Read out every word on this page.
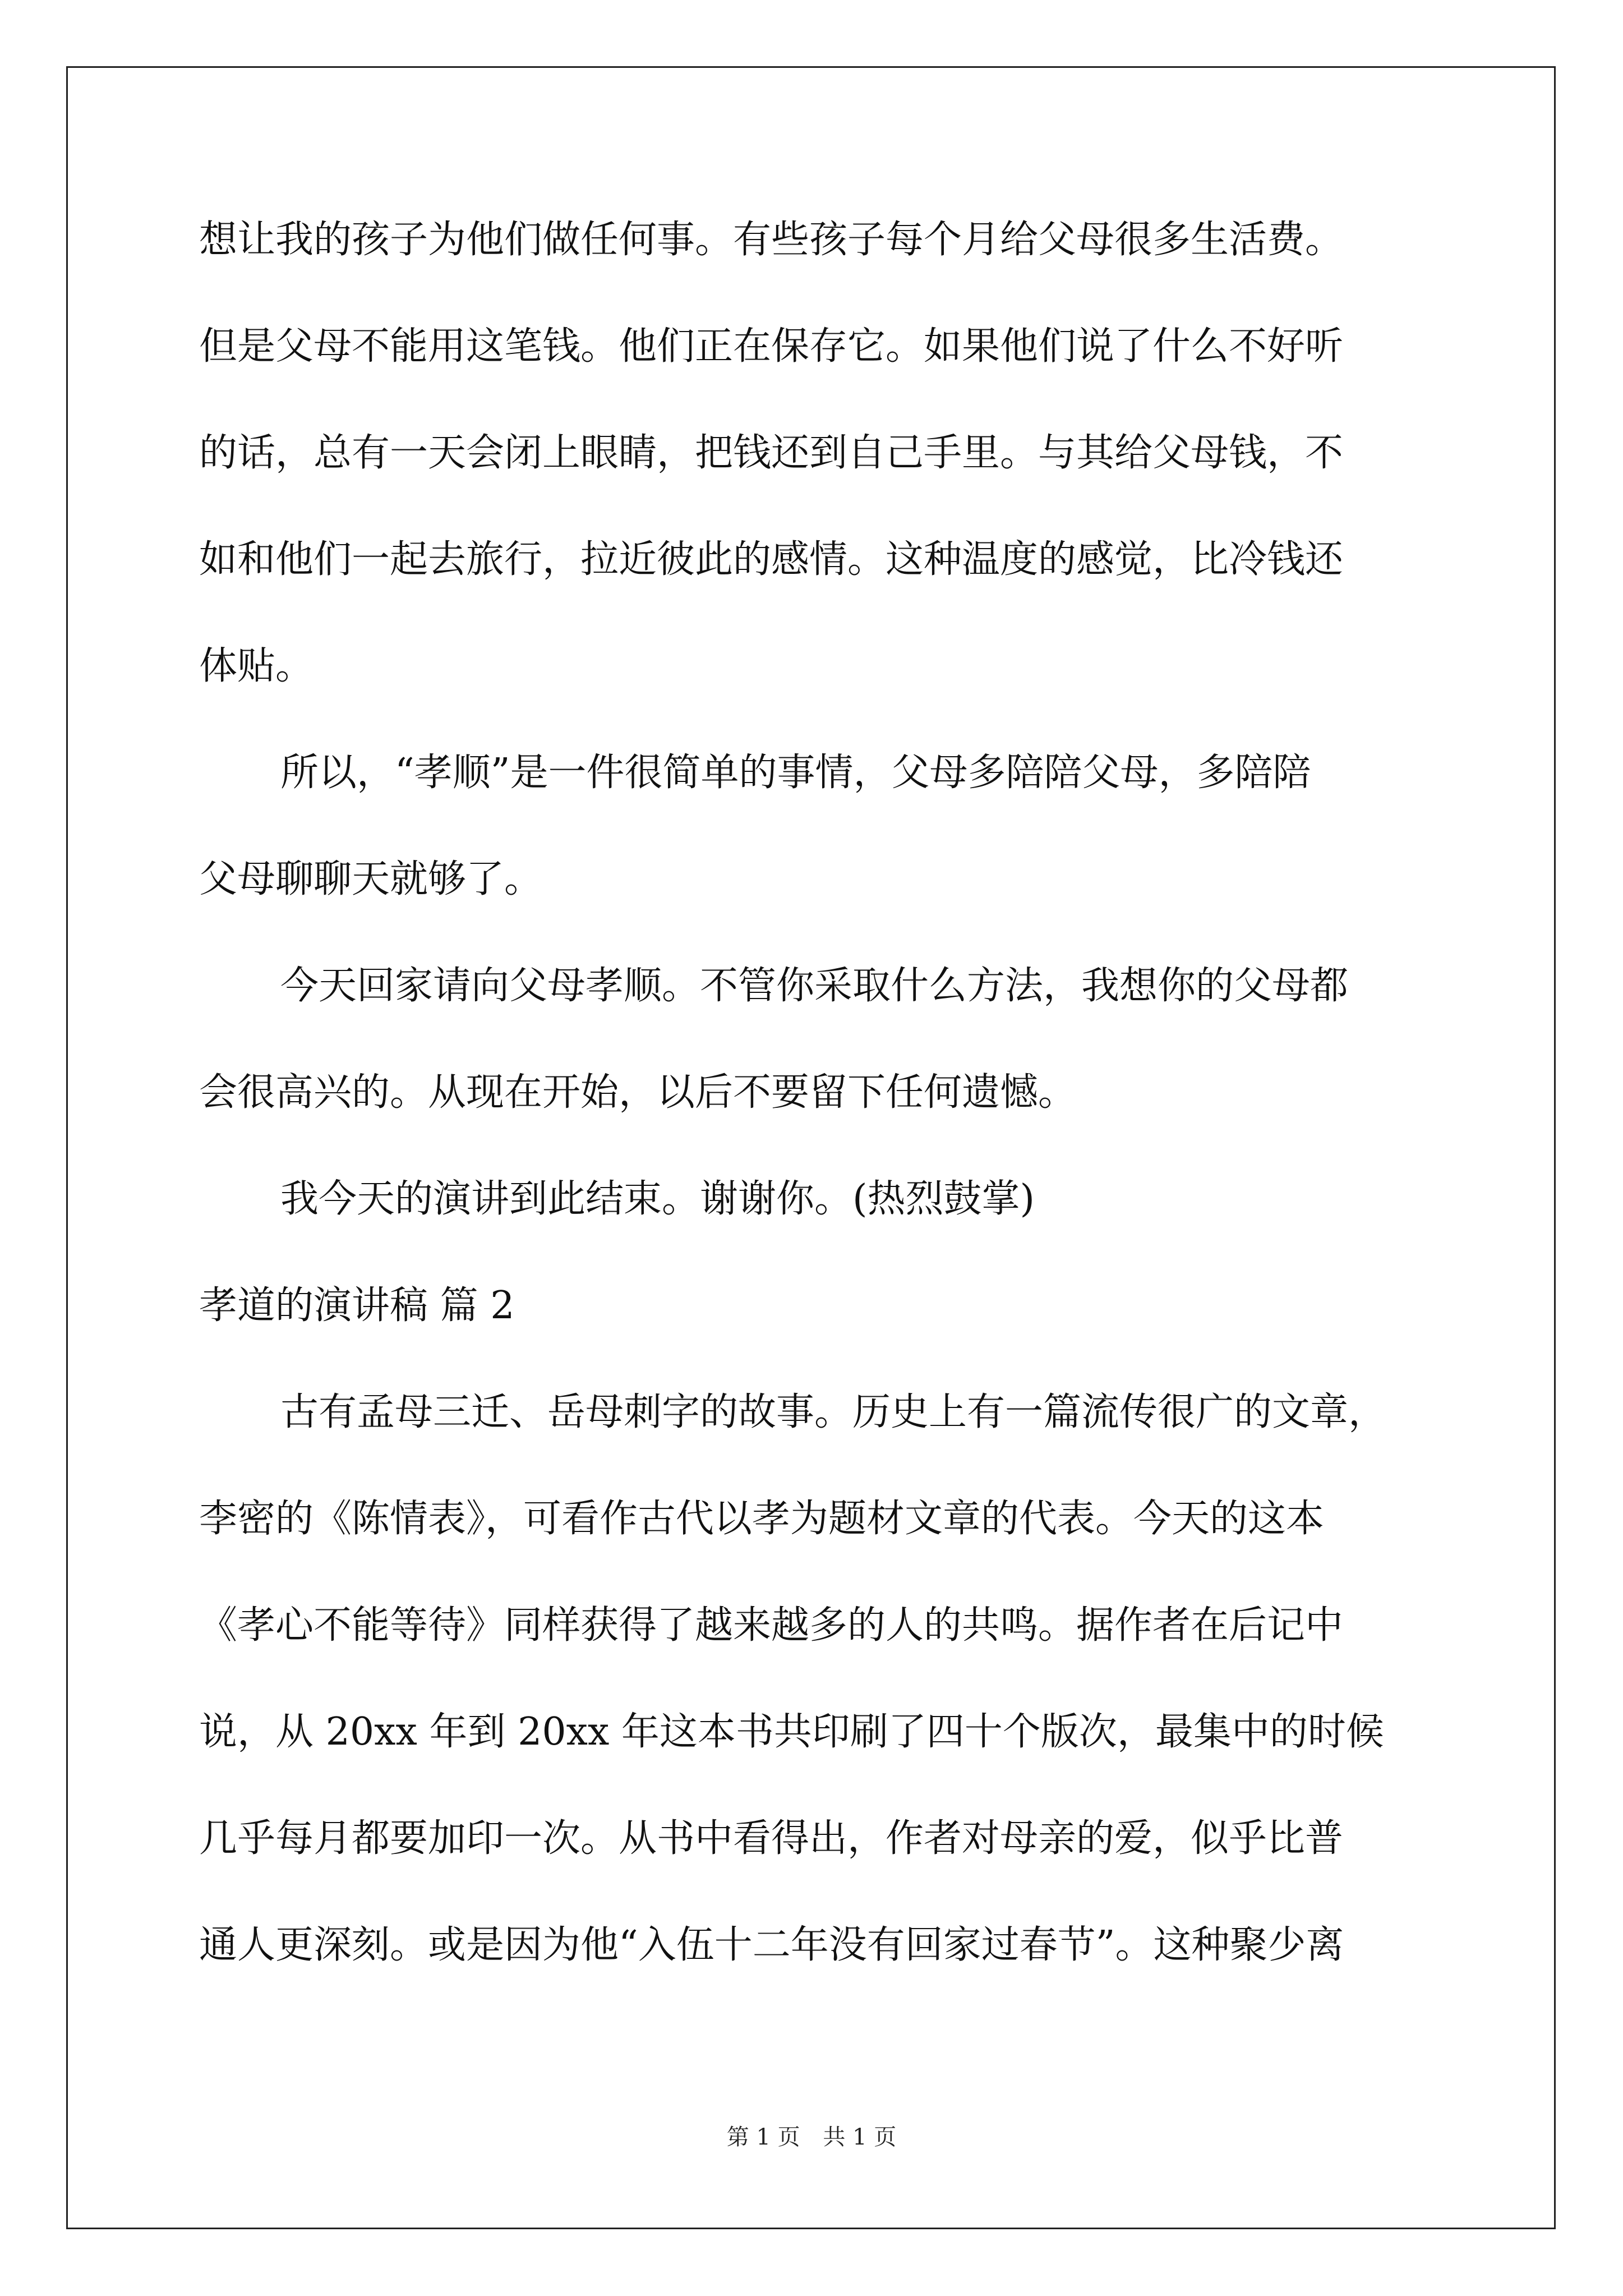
想让我的孩子为他们做任何事。有些孩子每个月给父母很多生活费。
但是父母不能用这笔钱。他们正在保存它。如果他们说了什么不好听
的话，总有一天会闭上眼睛，把钱还到自己手里。与其给父母钱，不
如和他们一起去旅行，拉近彼此的感情。这种温度的感觉，比冷钱还
体贴。

所以，“孝顺”是一件很简单的事情，父母多陪陪父母，多陪陪
父母聊聊天就够了。

今天回家请向父母孝顺。不管你采取什么方法，我想你的父母都
会很高兴的。从现在开始，以后不要留下任何遗憾。

我今天的演讲到此结束。谢谢你。(热烈鼓掌)

孝道的演讲稿 篇 2

古有孟母三迁、岳母刺字的故事。历史上有一篇流传很广的文章，
李密的《陈情表》，可看作古代以孝为题材文章的代表。今天的这本
《孝心不能等待》同样获得了越来越多的人的共鸣。据作者在后记中
说，从 20xx 年到 20xx 年这本书共印刷了四十个版次，最集中的时候
几乎每月都要加印一次。从书中看得出，作者对母亲的爱，似乎比普
通人更深刻。或是因为他“入伍十二年没有回家过春节”。这种聚少离

第 1 页 共 1 页
